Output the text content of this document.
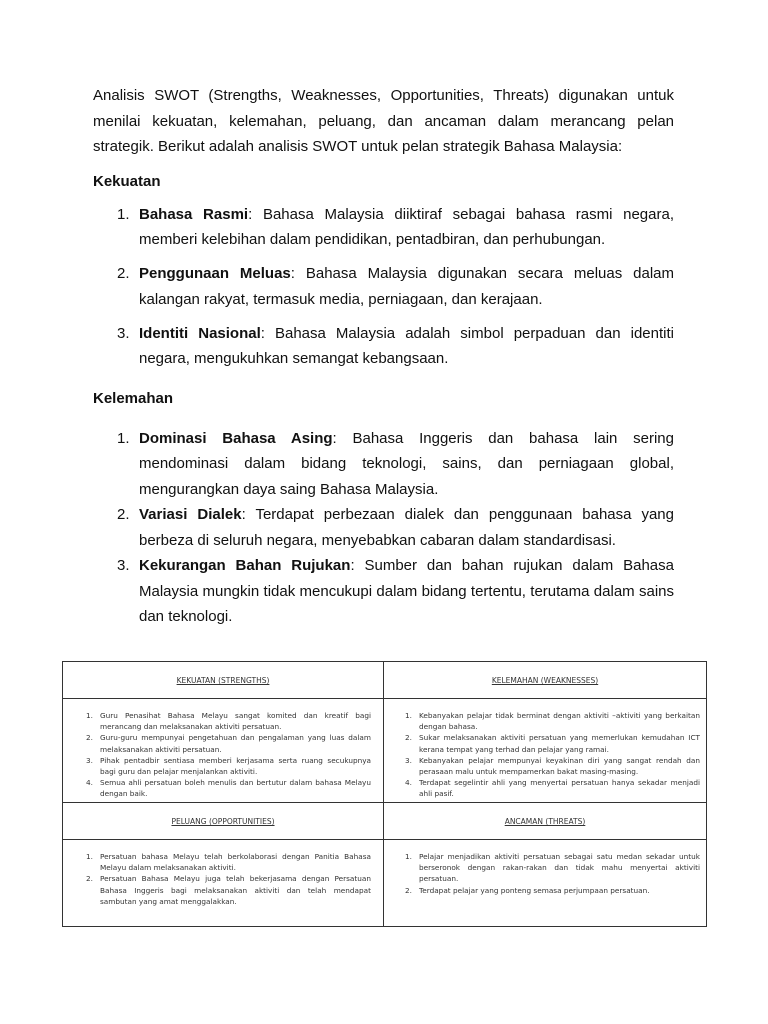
Analisis SWOT (Strengths, Weaknesses, Opportunities, Threats) digunakan untuk menilai kekuatan, kelemahan, peluang, dan ancaman dalam merancang pelan strategik. Berikut adalah analisis SWOT untuk pelan strategik Bahasa Malaysia:

Kekuatan
1. Bahasa Rasmi: Bahasa Malaysia diiktiraf sebagai bahasa rasmi negara, memberi kelebihan dalam pendidikan, pentadbiran, dan perhubungan.
2. Penggunaan Meluas: Bahasa Malaysia digunakan secara meluas dalam kalangan rakyat, termasuk media, perniagaan, dan kerajaan.
3. Identiti Nasional: Bahasa Malaysia adalah simbol perpaduan dan identiti negara, mengukuhkan semangat kebangsaan.
Kelemahan
1. Dominasi Bahasa Asing: Bahasa Inggeris dan bahasa lain sering mendominasi dalam bidang teknologi, sains, dan perniagaan global, mengurangkan daya saing Bahasa Malaysia.
2. Variasi Dialek: Terdapat perbezaan dialek dan penggunaan bahasa yang berbeza di seluruh negara, menyebabkan cabaran dalam standardisasi.
3. Kekurangan Bahan Rujukan: Sumber dan bahan rujukan dalam Bahasa Malaysia mungkin tidak mencukupi dalam bidang tertentu, terutama dalam sains dan teknologi.
KEKUATAN (STRENGTHS)	KELEMAHAN (WEAKNESSES)
1. Guru Penasihat Bahasa Melayu sangat komited dan kreatif bagi merancang dan melaksanakan aktiviti persatuan.
2. Guru-guru mempunyai pengetahuan dan pengalaman yang luas dalam melaksanakan aktiviti persatuan.
3. Pihak pentadbir sentiasa memberi kerjasama serta ruang secukupnya bagi guru dan pelajar menjalankan aktiviti.
4. Semua ahli persatuan boleh menulis dan bertutur dalam bahasa Melayu dengan baik.
1. Kebanyakan pelajar tidak berminat dengan aktiviti –aktiviti yang berkaitan dengan bahasa.
2. Sukar melaksanakan aktiviti persatuan yang memerlukan kemudahan ICT kerana tempat yang terhad dan pelajar yang ramai.
3. Kebanyakan pelajar mempunyai keyakinan diri yang sangat rendah dan perasaan malu untuk mempamerkan bakat masing-masing.
4. Terdapat segelintir ahli yang menyertai persatuan hanya sekadar menjadi ahli pasif.
PELUANG (OPPORTUNITIES)	ANCAMAN (THREATS)
1. Persatuan bahasa Melayu telah berkolaborasi dengan Panitia Bahasa Melayu dalam melaksanakan aktiviti.
2. Persatuan Bahasa Melayu juga telah bekerjasama dengan Persatuan Bahasa Inggeris bagi melaksanakan aktiviti dan telah mendapat sambutan yang amat menggalakkan.
1. Pelajar menjadikan aktiviti persatuan sebagai satu medan sekadar untuk berseronok dengan rakan-rakan dan tidak mahu menyertai aktiviti persatuan.
2. Terdapat pelajar yang ponteng semasa perjumpaan persatuan.
